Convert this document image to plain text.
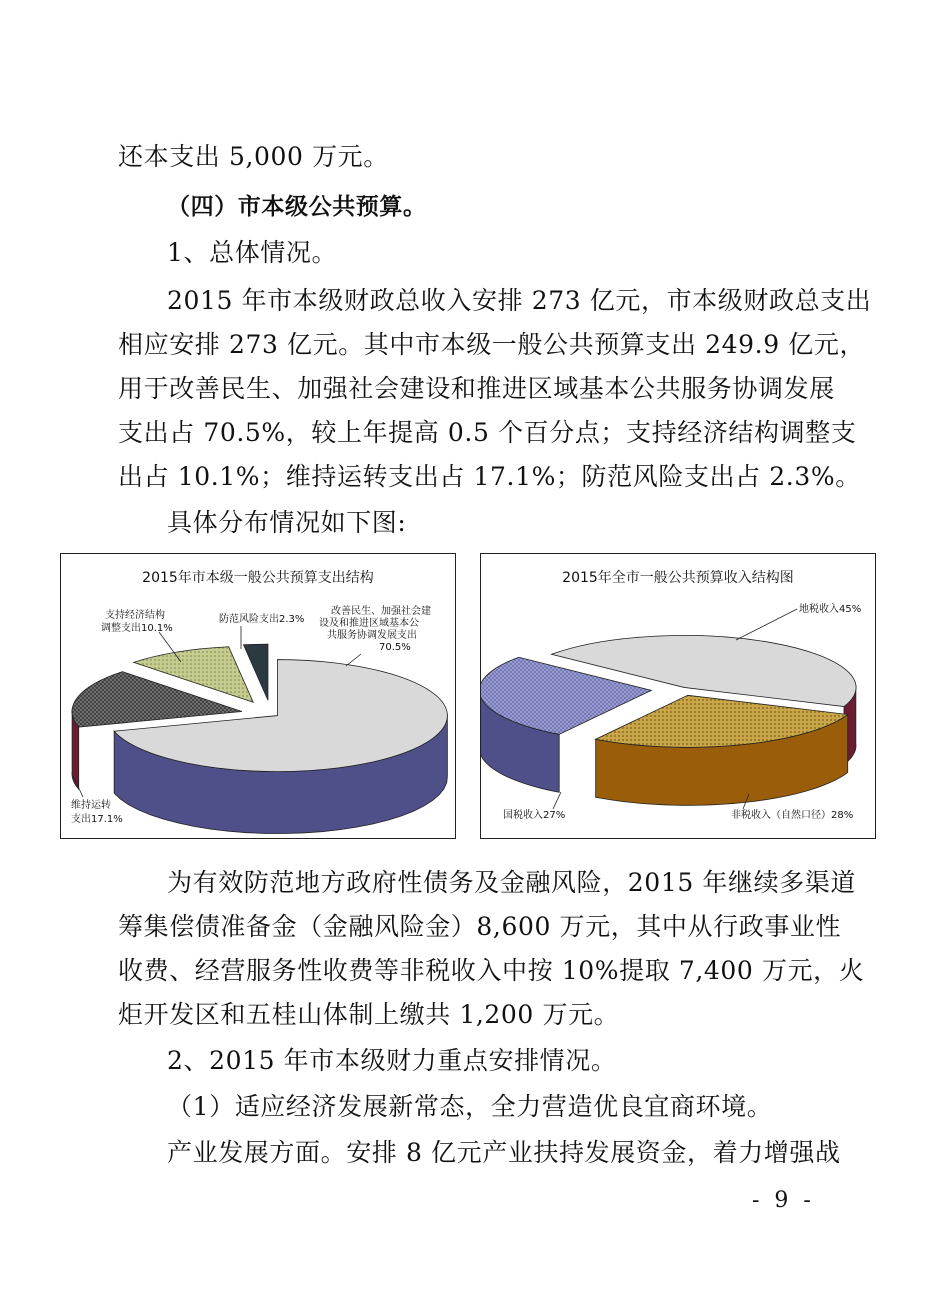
还本支出 5,000 万元。
（四）市本级公共预算。
1、总体情况。
2015 年市本级财政总收入安排 273 亿元，市本级财政总支出
相应安排 273 亿元。其中市本级一般公共预算支出 249.9 亿元，
用于改善民生、加强社会建设和推进区域基本公共服务协调发展
支出占 70.5%，较上年提高 0.5 个百分点；支持经济结构调整支
出占 10.1%；维持运转支出占 17.1%；防范风险支出占 2.3%。
具体分布情况如下图:
2015年市本级一般公共预算支出结构
支持经济结构
调整支出10.1%
防范风险支出2.3%
改善民生、加强社会建
设及和推进区域基本公
共服务协调发展支出
70.5%
维持运转
支出17.1%
2015年全市一般公共预算收入结构图
地税收入45%
非税收入（自然口径）28%
国税收入27%
为有效防范地方政府性债务及金融风险，2015 年继续多渠道
筹集偿债准备金（金融风险金）8,600 万元，其中从行政事业性
收费、经营服务性收费等非税收入中按 10%提取 7,400 万元，火
炬开发区和五桂山体制上缴共 1,200 万元。
2、2015 年市本级财力重点安排情况。
（1）适应经济发展新常态，全力营造优良宜商环境。
产业发展方面。安排 8 亿元产业扶持发展资金，着力增强战
- 9 -
